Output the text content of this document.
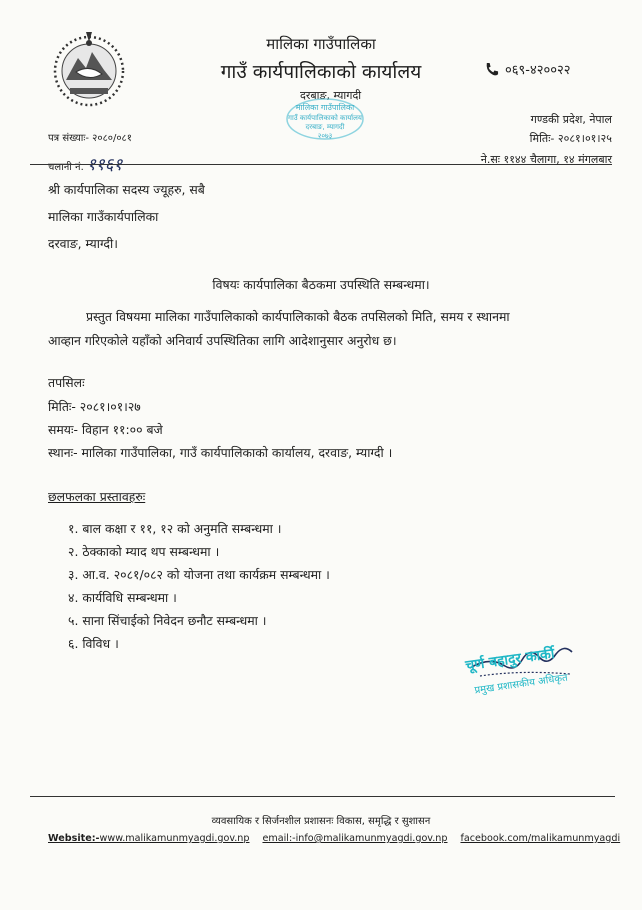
मालिका गाउँपालिका
गाउँ कार्यपालिकाको कार्यालय
दरबाङ, म्यागदी
मालिका गाउँपालिका
गाउँ कार्यपालिकाको कार्यालय
दरबाङ, म्यागदी
२०७३
०६९-४२००२२
गण्डकी प्रदेश, नेपाल
मितिः- २०८१।०१।२५
ने.सः ११४४ चैलागा, १४ मंगलबार
पत्र संख्याः- २०८०/०८१
चलानी नं. ११६१
श्री कार्यपालिका सदस्य ज्यूहरु, सबै
मालिका गाउँकार्यपालिका
दरवाङ, म्याग्दी।
विषयः कार्यपालिका बैठकमा उपस्थिति सम्बन्धमा।
प्रस्तुत विषयमा मालिका गाउँपालिकाको कार्यपालिकाको बैठक तपसिलको मिति, समय र स्थानमा
आव्हान गरिएकोले यहाँको अनिवार्य उपस्थितिका लागि आदेशानुसार अनुरोध छ।
तपसिलः
मितिः- २०८१।०१।२७
समयः- विहान ११:०० बजे
स्थानः- मालिका गाउँपालिका, गाउँ कार्यपालिकाको कार्यालय, दरवाङ, म्याग्दी ।
छलफलका प्रस्तावहरुः
१. बाल कक्षा र ११, १२ को अनुमति सम्बन्धमा ।
२. ठेक्काको म्याद थप सम्बन्धमा ।
३. आ.व. २०८१/०८२ को योजना तथा कार्यक्रम सम्बन्धमा ।
४. कार्यविधि सम्बन्धमा ।
५. साना सिंचाईको निवेदन छनौट सम्बन्धमा ।
६. विविध ।
चूर्ण बहादुर कार्की
प्रमुख प्रशासकीय अधिकृत
व्यवसायिक र सिर्जनशील प्रशासनः विकास, समृद्धि र सुशासन
Website:-www.malikamunmyagdi.gov.np email:-info@malikamunmyagdi.gov.np facebook.com/malikamunmyagdi
